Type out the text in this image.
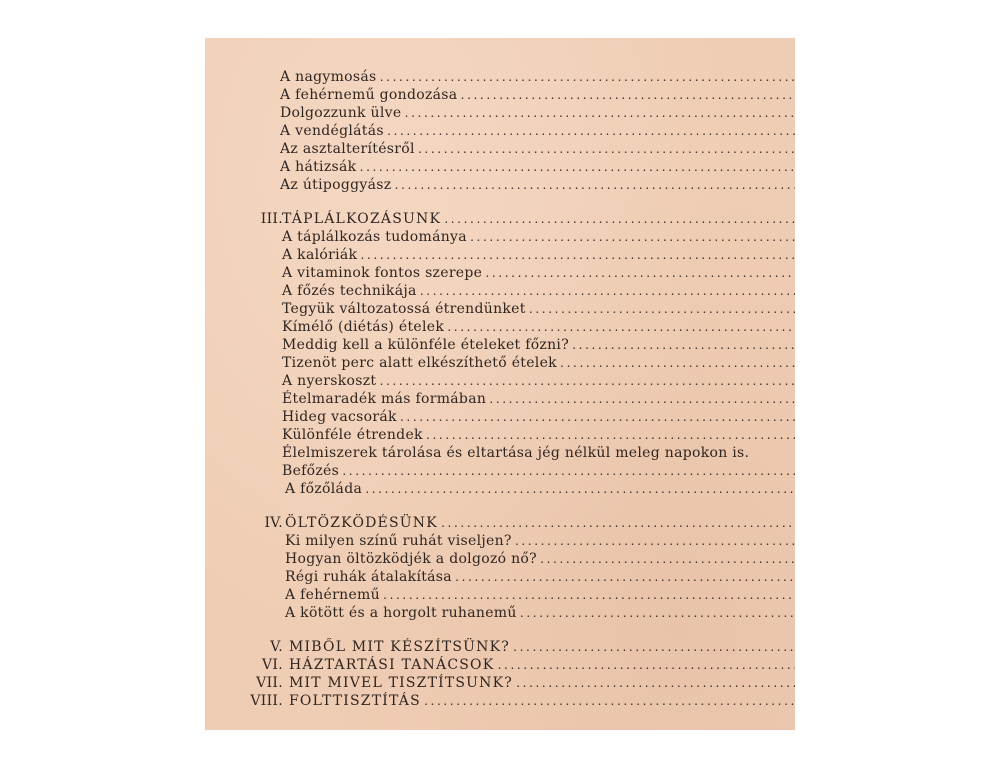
A nagymosás . . .
A fehérnemű gondozása . . .
Dolgozzunk ülve . . .
A vendéglátás . . .
Az asztalterítésről . . .
A hátizsák . . .
Az útipoggyász . . .
III. TÁPLÁLKOZÁSUNK . . .
A táplálkozás tudománya . . .
A kalóriák . . .
A vitaminok fontos szerepe . . .
A főzés technikája . . .
Tegyük változatossá étrendünket . . .
Kímélő (diétás) ételek . . .
Meddig kell a különféle ételeket főzni? . . .
Tizenöt perc alatt elkészíthető ételek . . .
A nyerskoszt . . .
Ételmaradék más formában . . .
Hideg vacsorák . . .
Különféle étrendek . . .
Élelmiszerek tárolása és eltartása jég nélkül meleg napokon is.
Befőzés . . .
A főzőláda . . .
IV. ÖLTÖZKÖDÉSÜNK . . .
Ki milyen színű ruhát viseljen? . . .
Hogyan öltözködjék a dolgozó nő? . . .
Régi ruhák átalakítása . . .
A fehérnemű . . .
A kötött és a horgolt ruhanemű . . .
V. MIBŐL MIT KÉSZÍTSÜNK? . . .
VI. HÁZTARTÁSI TANÁCSOK . . .
VII. MIT MIVEL TISZTÍTSUNK? . . .
VIII. FOLTTISZTÍTÁS . . .
